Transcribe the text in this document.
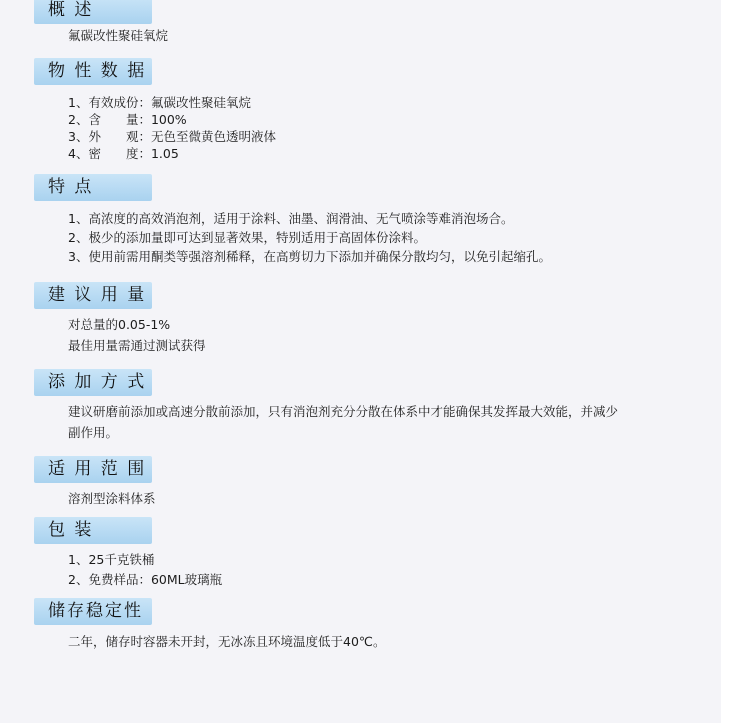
概 述
氟碳改性聚硅氧烷
物 性 数 据
1、有效成份：氟碳改性聚硅氧烷
2、含　　量：100%
3、外　　观：无色至微黄色透明液体
4、密　　度：1.05
特 点
1、高浓度的高效消泡剂，适用于涂料、油墨、润滑油、无气喷涂等难消泡场合。
2、极少的添加量即可达到显著效果，特别适用于高固体份涂料。
3、使用前需用酮类等强溶剂稀释，在高剪切力下添加并确保分散均匀，以免引起缩孔。
建 议 用 量
对总量的0.05-1%
最佳用量需通过测试获得
添 加 方 式
建议研磨前添加或高速分散前添加，只有消泡剂充分分散在体系中才能确保其发挥最大效能，并减少
副作用。
适 用 范 围
溶剂型涂料体系
包 装
1、25千克铁桶
2、免费样品：60ML玻璃瓶
储存稳定性
二年，储存时容器未开封，无冰冻且环境温度低于40℃。
